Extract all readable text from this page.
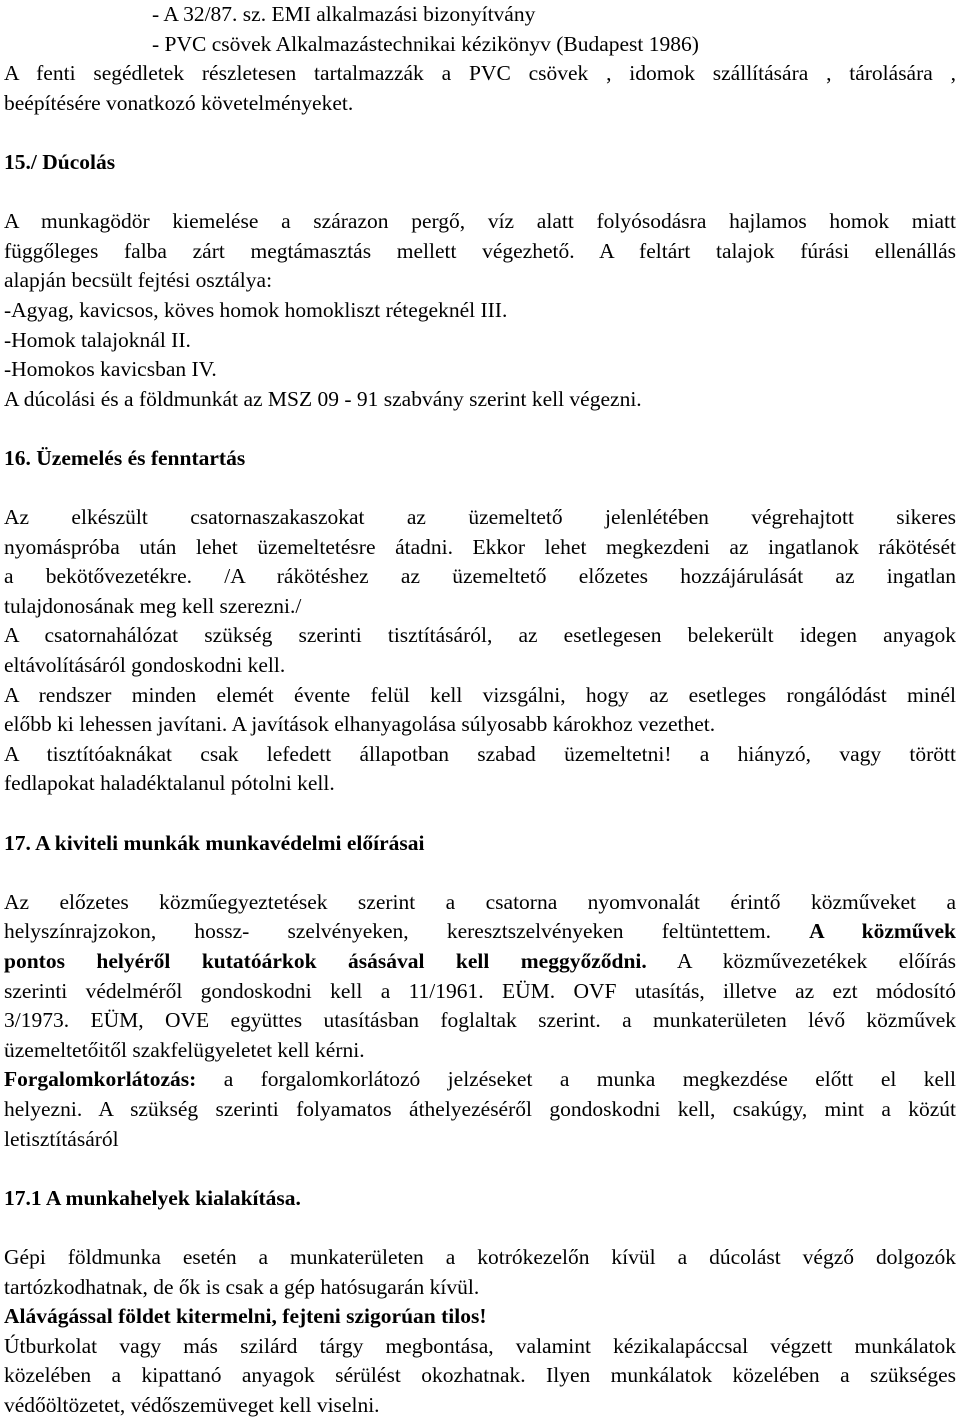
- A 32/87. sz. EMI alkalmazási bizonyítvány
- PVC csövek Alkalmazástechnikai kézikönyv (Budapest 1986)
A fenti segédletek részletesen tartalmazzák a PVC csövek , idomok szállítására , tárolására ,
beépítésére vonatkozó követelményeket.
15./ Dúcolás
A munkagödör kiemelése a szárazon pergő, víz alatt folyósodásra hajlamos homok miatt
függőleges falba zárt megtámasztás mellett végezhető. A feltárt talajok fúrási ellenállás
alapján becsült fejtési osztálya:
-Agyag, kavicsos, köves homok homokliszt rétegeknél III.
-Homok talajoknál II.
-Homokos kavicsban IV.
A dúcolási és a földmunkát az MSZ 09 - 91 szabvány szerint kell végezni.
16. Üzemelés és fenntartás
Az elkészült csatornaszakaszokat az üzemeltető jelenlétében végrehajtott sikeres
nyomáspróba után lehet üzemeltetésre átadni. Ekkor lehet megkezdeni az ingatlanok rákötését
a bekötővezetékre. /A rákötéshez az üzemeltető előzetes hozzájárulását az ingatlan
tulajdonosának meg kell szerezni./
A csatornahálózat szükség szerinti tisztításáról, az esetlegesen belekerült idegen anyagok
eltávolításáról gondoskodni kell.
A rendszer minden elemét évente felül kell vizsgálni, hogy az esetleges rongálódást minél
előbb ki lehessen javítani. A javítások elhanyagolása súlyosabb károkhoz vezethet.
A tisztítóaknákat csak lefedett állapotban szabad üzemeltetni! a hiányzó, vagy törött
fedlapokat haladéktalanul pótolni kell.
17. A kiviteli munkák munkavédelmi előírásai
Az előzetes közműegyeztetések szerint a csatorna nyomvonalát érintő közműveket a
helyszínrajzokon, hossz- szelvényeken, keresztszelvényeken feltüntettem. A közművek
pontos helyéről kutatóárkok ásásával kell meggyőződni. A közművezetékek előírás
szerinti védelméről gondoskodni kell a 11/1961. EÜM. OVF utasítás, illetve az ezt módosító
3/1973. EÜM, OVE együttes utasításban foglaltak szerint. a munkaterületen lévő közművek
üzemeltetőitől szakfelügyeletet kell kérni.
Forgalomkorlátozás: a forgalomkorlátozó jelzéseket a munka megkezdése előtt el kell
helyezni. A szükség szerinti folyamatos áthelyezéséről gondoskodni kell, csakúgy, mint a közút
letisztításáról
17.1 A munkahelyek kialakítása.
Gépi földmunka esetén a munkaterületen a kotrókezelőn kívül a dúcolást végző dolgozók
tartózkodhatnak, de ők is csak a gép hatósugarán kívül.
Alávágással földet kitermelni, fejteni szigorúan tilos!
Útburkolat vagy más szilárd tárgy megbontása, valamint kézikalapáccsal végzett munkálatok
közelében a kipattanó anyagok sérülést okozhatnak. Ilyen munkálatok közelében a szükséges
védőöltözetet, védőszemüveget kell viselni.
